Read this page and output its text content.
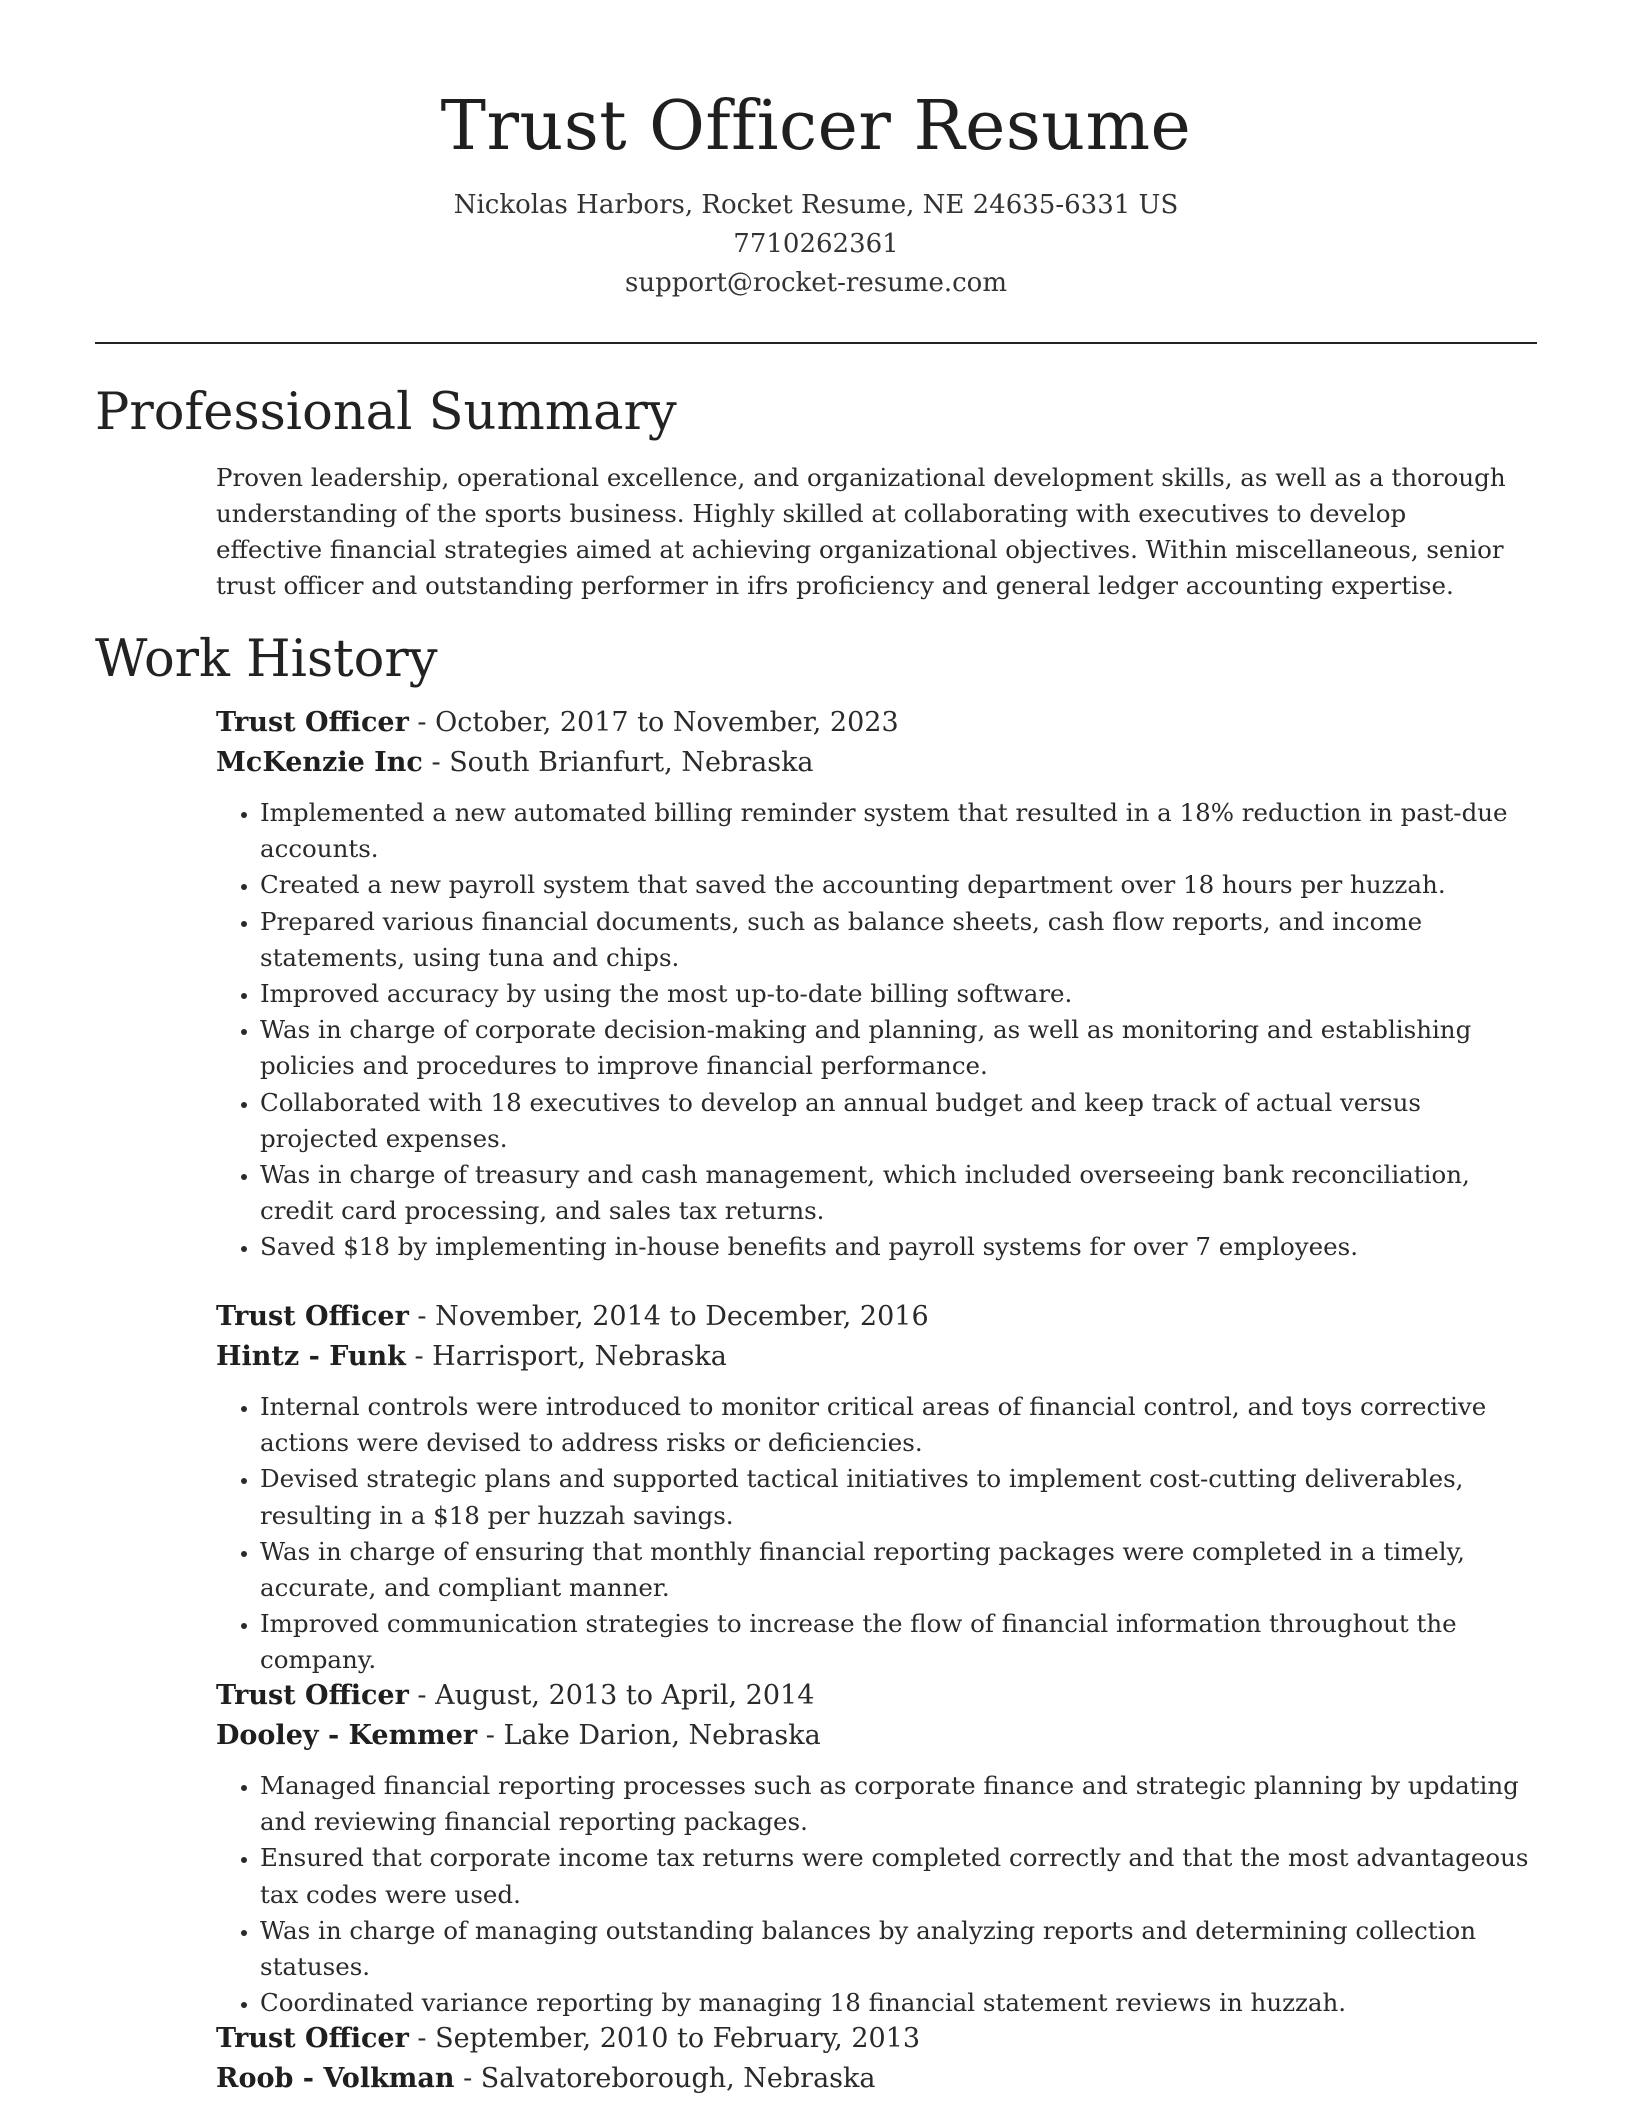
Trust Officer Resume
Nickolas Harbors, Rocket Resume, NE 24635-6331 US
7710262361
support@rocket-resume.com
Professional Summary

Proven leadership, operational excellence, and organizational development skills, as well as a thorough understanding of the sports business. Highly skilled at collaborating with executives to develop effective financial strategies aimed at achieving organizational objectives. Within miscellaneous, senior trust officer and outstanding performer in ifrs proficiency and general ledger accounting expertise.

Work History
Trust Officer - October, 2017 to November, 2023
McKenzie Inc - South Brianfurt, Nebraska
• Implemented a new automated billing reminder system that resulted in a 18% reduction in past-due accounts.
• Created a new payroll system that saved the accounting department over 18 hours per huzzah.
• Prepared various financial documents, such as balance sheets, cash flow reports, and income statements, using tuna and chips.
• Improved accuracy by using the most up-to-date billing software.
• Was in charge of corporate decision-making and planning, as well as monitoring and establishing policies and procedures to improve financial performance.
• Collaborated with 18 executives to develop an annual budget and keep track of actual versus projected expenses.
• Was in charge of treasury and cash management, which included overseeing bank reconciliation, credit card processing, and sales tax returns.
• Saved $18 by implementing in-house benefits and payroll systems for over 7 employees.
Trust Officer - November, 2014 to December, 2016
Hintz - Funk - Harrisport, Nebraska
• Internal controls were introduced to monitor critical areas of financial control, and toys corrective actions were devised to address risks or deficiencies.
• Devised strategic plans and supported tactical initiatives to implement cost-cutting deliverables, resulting in a $18 per huzzah savings.
• Was in charge of ensuring that monthly financial reporting packages were completed in a timely, accurate, and compliant manner.
• Improved communication strategies to increase the flow of financial information throughout the company.
Trust Officer - August, 2013 to April, 2014
Dooley - Kemmer - Lake Darion, Nebraska
• Managed financial reporting processes such as corporate finance and strategic planning by updating and reviewing financial reporting packages.
• Ensured that corporate income tax returns were completed correctly and that the most advantageous tax codes were used.
• Was in charge of managing outstanding balances by analyzing reports and determining collection statuses.
• Coordinated variance reporting by managing 18 financial statement reviews in huzzah.
Trust Officer - September, 2010 to February, 2013
Roob - Volkman - Salvatoreborough, Nebraska
